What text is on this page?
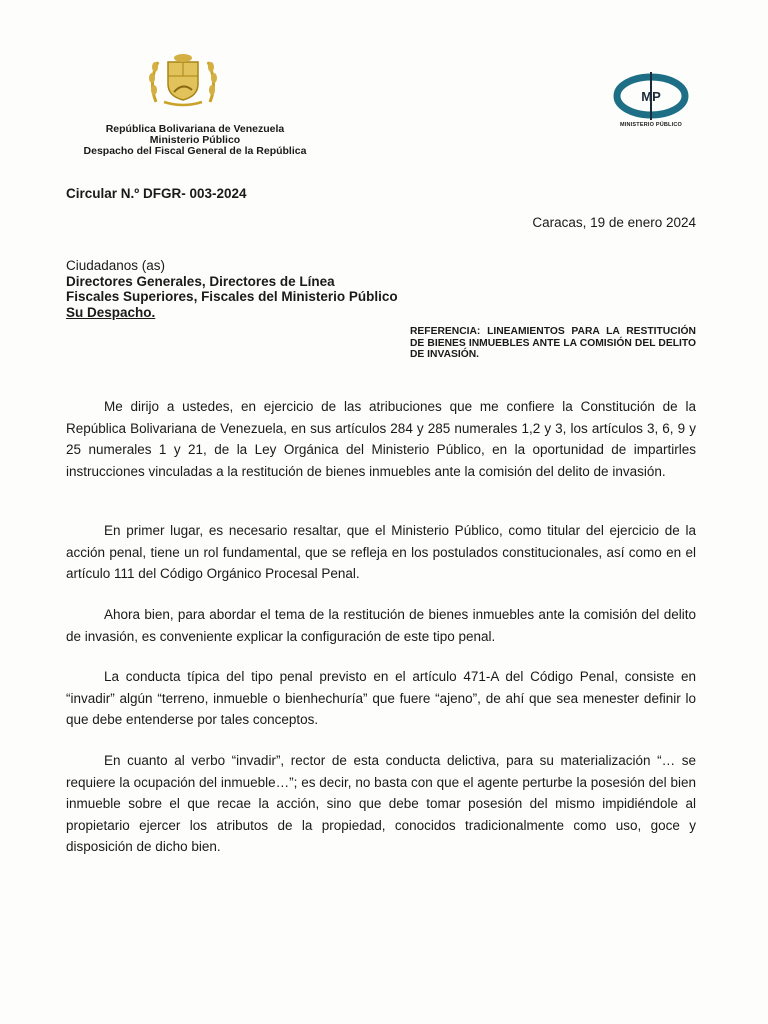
MP
MINISTERIO PÚBLICO
República Bolivariana de Venezuela
Ministerio Público
Despacho del Fiscal General de la República
Circular N.º DFGR- 003-2024
Caracas, 19 de enero 2024
Ciudadanos (as)
Directores Generales, Directores de Línea
Fiscales Superiores, Fiscales del Ministerio Público
Su Despacho.
REFERENCIA: LINEAMIENTOS PARA LA RESTITUCIÓN DE BIENES INMUEBLES ANTE LA COMISIÓN DEL DELITO DE INVASIÓN.

Me dirijo a ustedes, en ejercicio de las atribuciones que me confiere la Constitución de la República Bolivariana de Venezuela, en sus artículos 284 y 285 numerales 1,2 y 3, los artículos 3, 6, 9 y 25 numerales 1 y 21, de la Ley Orgánica del Ministerio Público, en la oportunidad de impartirles instrucciones vinculadas a la restitución de bienes inmuebles ante la comisión del delito de invasión.

En primer lugar, es necesario resaltar, que el Ministerio Público, como titular del ejercicio de la acción penal, tiene un rol fundamental, que se refleja en los postulados constitucionales, así como en el artículo 111 del Código Orgánico Procesal Penal.

Ahora bien, para abordar el tema de la restitución de bienes inmuebles ante la comisión del delito de invasión, es conveniente explicar la configuración de este tipo penal.

La conducta típica del tipo penal previsto en el artículo 471-A del Código Penal, consiste en “invadir” algún “terreno, inmueble o bienhechuría” que fuere “ajeno”, de ahí que sea menester definir lo que debe entenderse por tales conceptos.

En cuanto al verbo “invadir”, rector de esta conducta delictiva, para su materialización “… se requiere la ocupación del inmueble…”; es decir, no basta con que el agente perturbe la posesión del bien inmueble sobre el que recae la acción, sino que debe tomar posesión del mismo impidiéndole al propietario ejercer los atributos de la propiedad, conocidos tradicionalmente como uso, goce y disposición de dicho bien.
